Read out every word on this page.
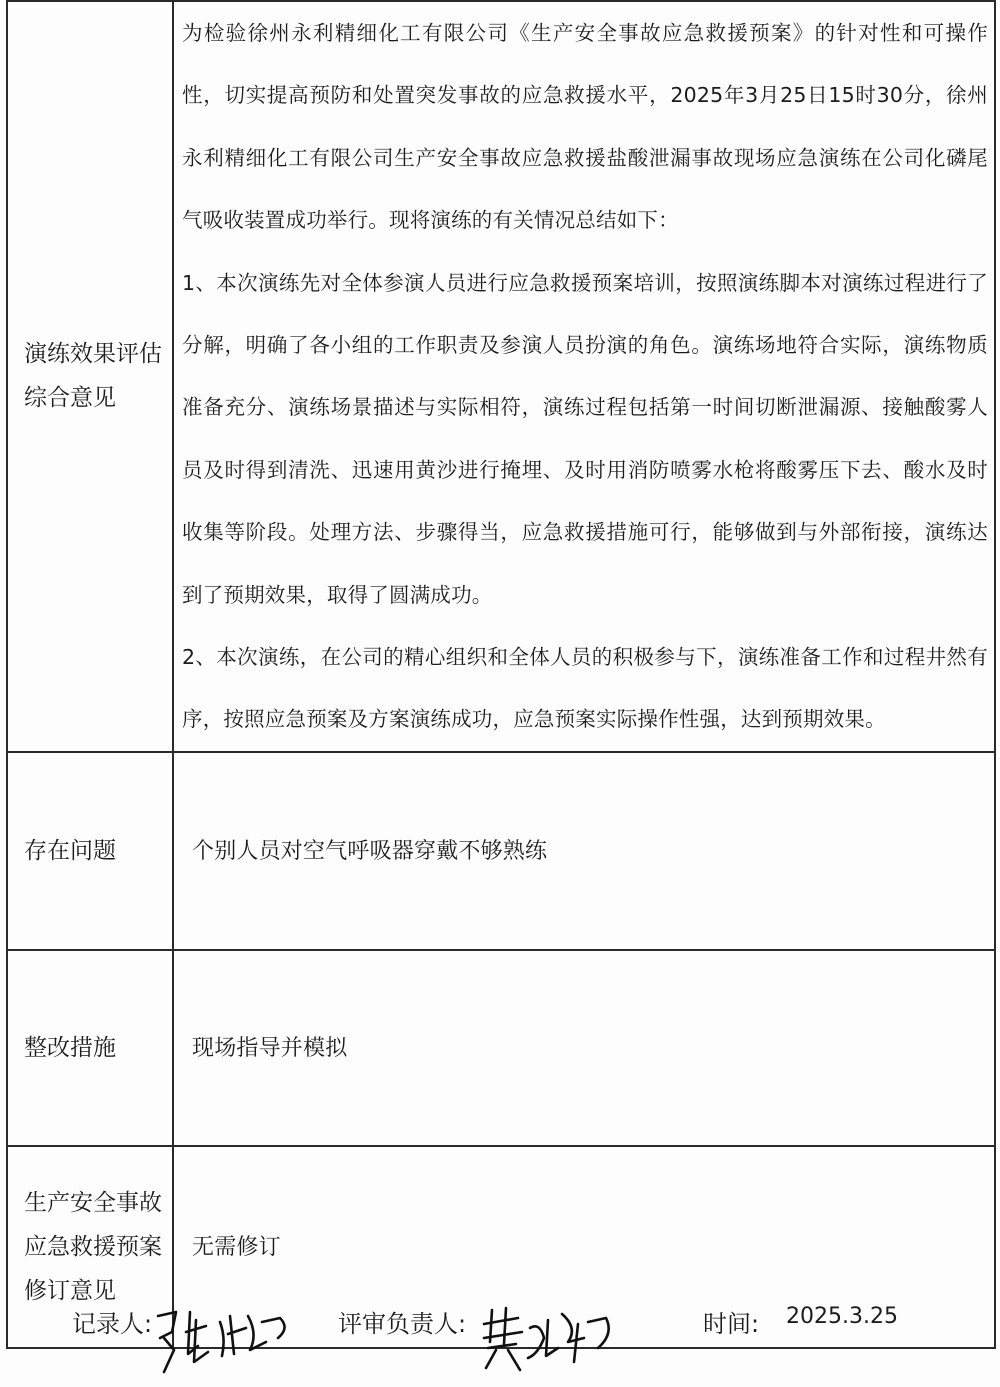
演练效果评估综合意见	为检验徐州永利精细化工有限公司《生产安全事故应急救援预案》的针对性和可操作性，切实提高预防和处置突发事故的应急救援水平，2025年3月25日15时30分，徐州永利精细化工有限公司生产安全事故应急救援盐酸泄漏事故现场应急演练在公司化磷尾气吸收装置成功举行。现将演练的有关情况总结如下：
1、本次演练先对全体参演人员进行应急救援预案培训，按照演练脚本对演练过程进行了分解，明确了各小组的工作职责及参演人员扮演的角色。演练场地符合实际，演练物质准备充分、演练场景描述与实际相符，演练过程包括第一时间切断泄漏源、接触酸雾人员及时得到清洗、迅速用黄沙进行掩埋、及时用消防喷雾水枪将酸雾压下去、酸水及时收集等阶段。处理方法、步骤得当，应急救援措施可行，能够做到与外部衔接，演练达到了预期效果，取得了圆满成功。
2、本次演练，在公司的精心组织和全体人员的积极参与下，演练准备工作和过程井然有序，按照应急预案及方案演练成功，应急预案实际操作性强，达到预期效果。

存在问题	个别人员对空气呼吸器穿戴不够熟练
整改措施	现场指导并模拟
生产安全事故应急救援预案修订意见	无需修订
记录人:	评审负责人:	时间: 2025.3.25
